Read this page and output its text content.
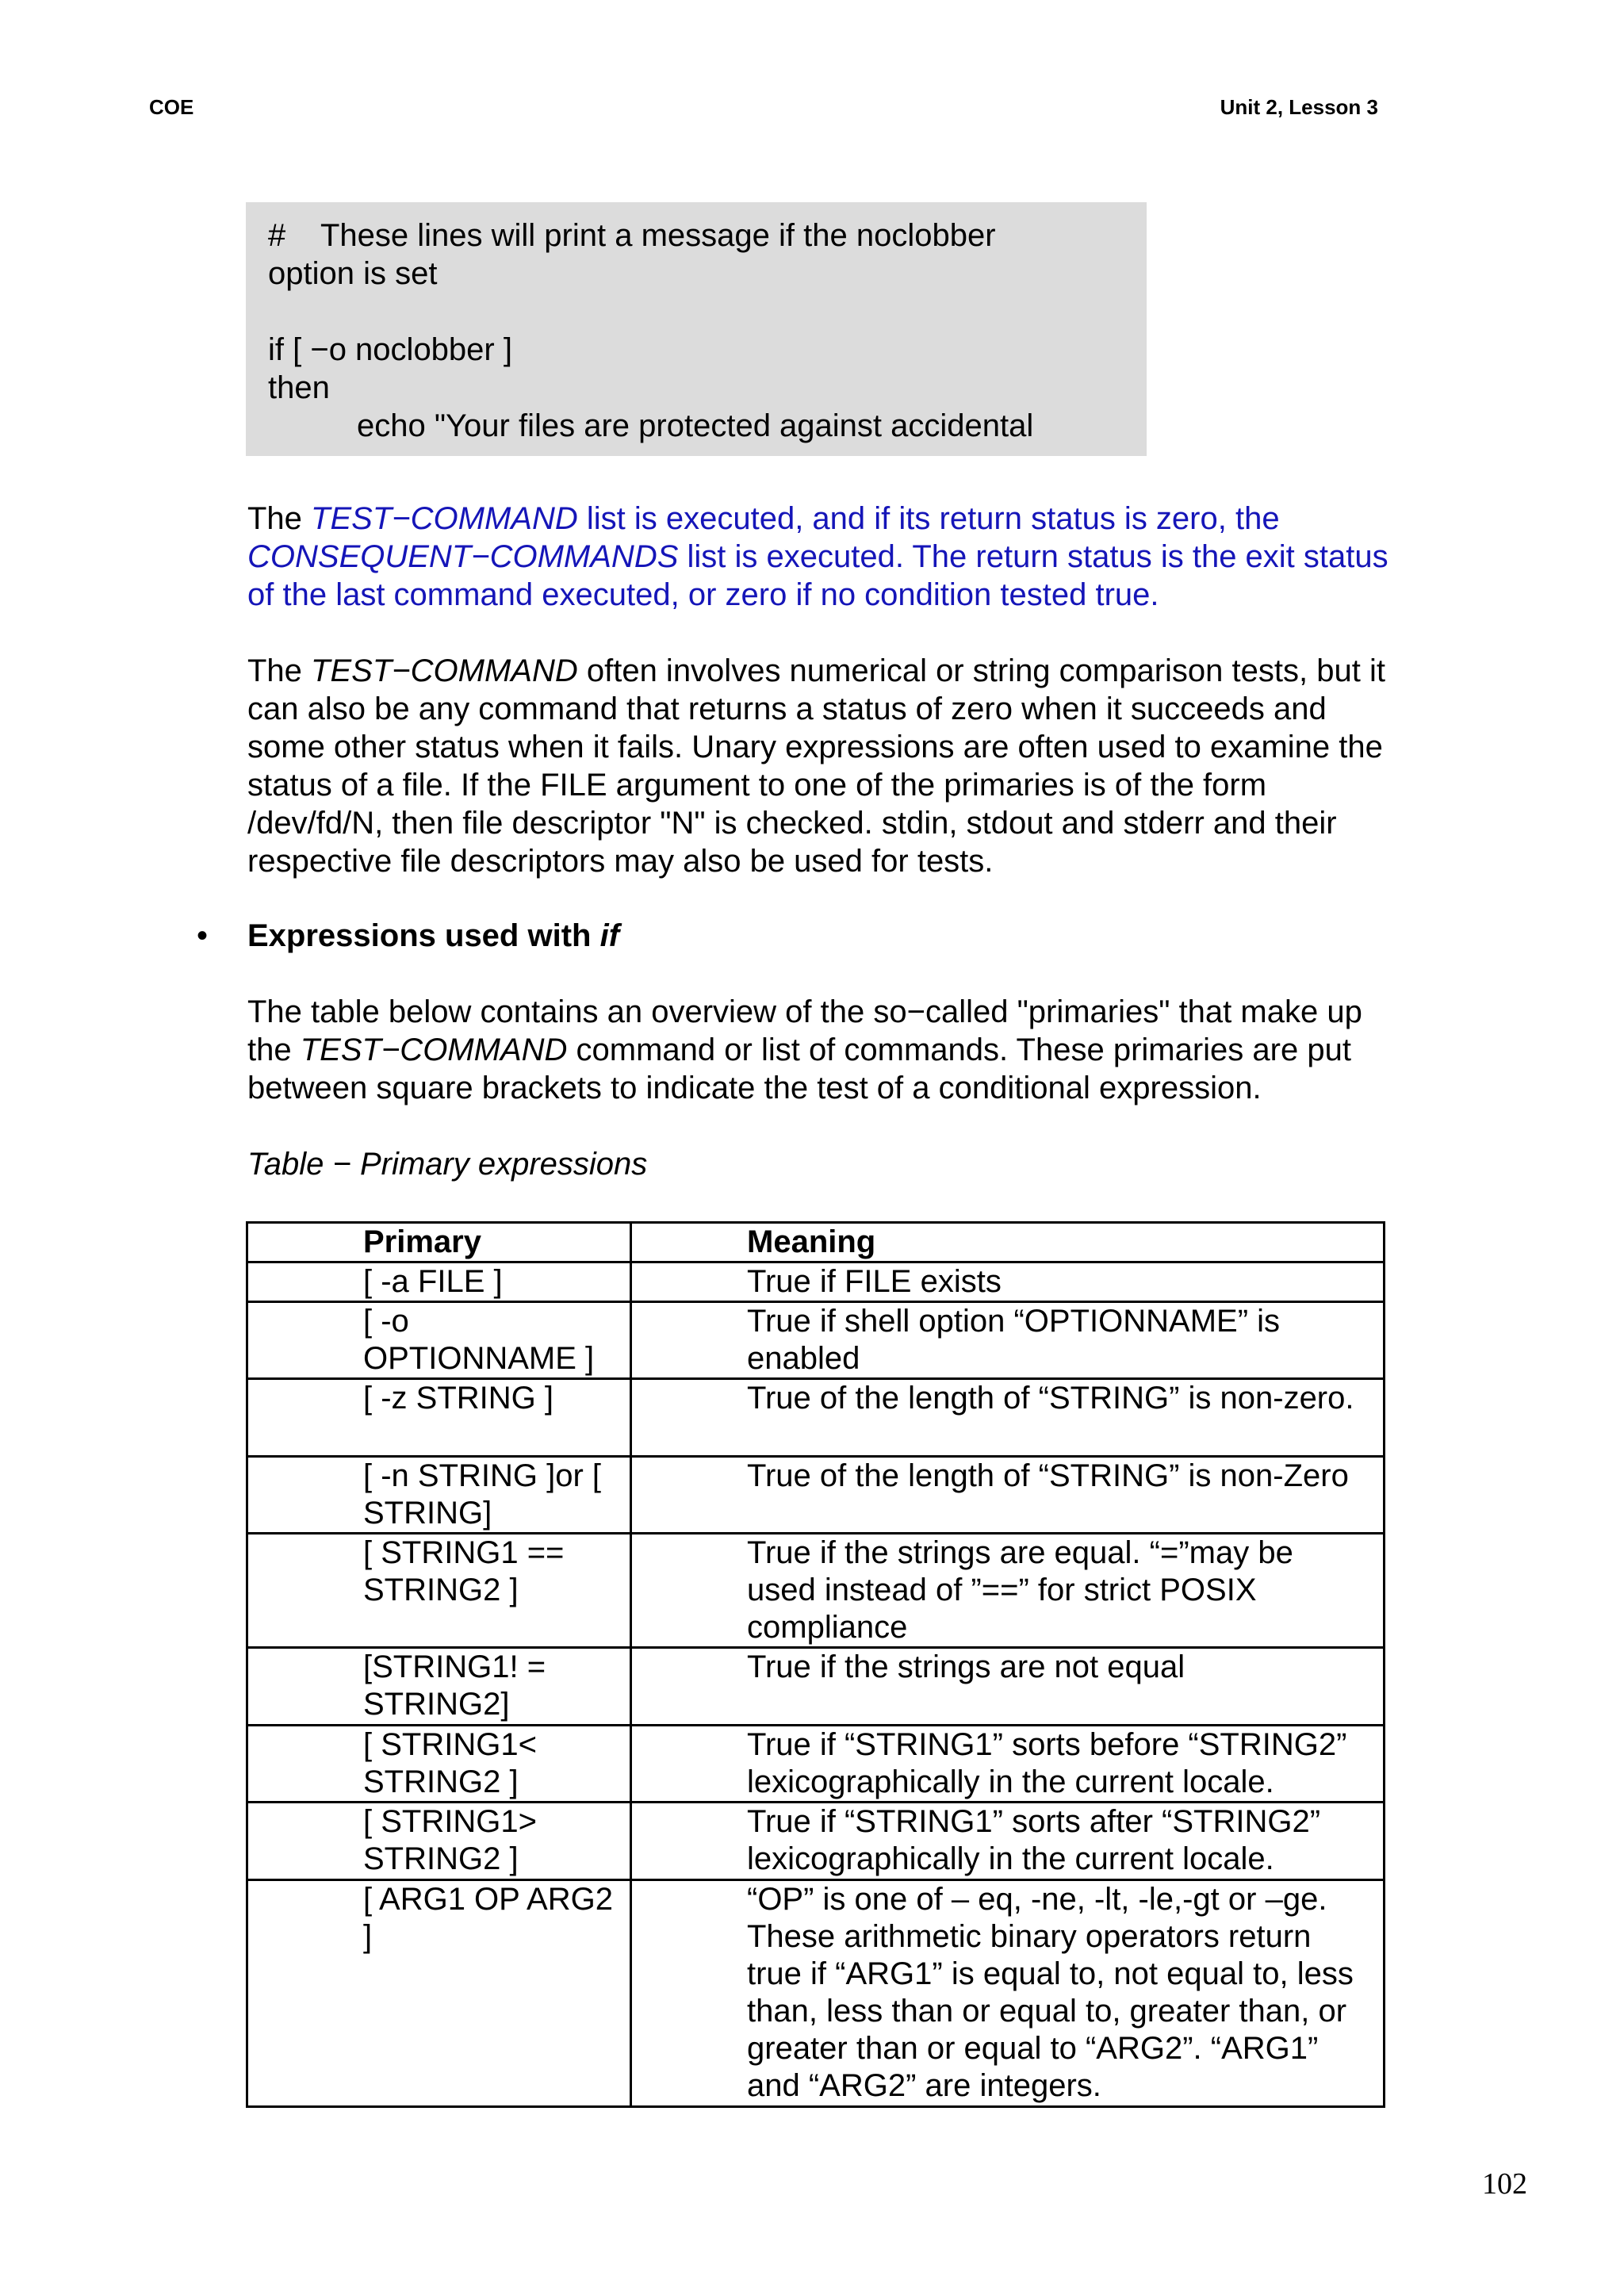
COE	Unit 2, Lesson 3
# These lines will print a message if the noclobber
option is set
if [ −o noclobber ]
then
echo "Your files are protected against accidental
The TEST−COMMAND list is executed, and if its return status is zero, the CONSEQUENT−COMMANDS list is executed. The return status is the exit status of the last command executed, or zero if no condition tested true.
The TEST−COMMAND often involves numerical or string comparison tests, but it can also be any command that returns a status of zero when it succeeds and some other status when it fails. Unary expressions are often used to examine the status of a file. If the FILE argument to one of the primaries is of the form /dev/fd/N, then file descriptor "N" is checked. stdin, stdout and stderr and their respective file descriptors may also be used for tests.
• Expressions used with if
The table below contains an overview of the so−called "primaries" that make up the TEST−COMMAND command or list of commands. These primaries are put between square brackets to indicate the test of a conditional expression.
Table − Primary expressions
Primary	Meaning
[ -a FILE ]	True if FILE exists
[ -o OPTIONNAME ]	True if shell option “OPTIONNAME” is enabled
[ -z STRING ]	True of the length of “STRING” is non-zero.
[ -n STRING ]or [ STRING]	True of the length of “STRING” is non-Zero
[ STRING1 == STRING2 ]	True if the strings are equal. “=”may be used instead of ”==” for strict POSIX compliance
[STRING1! = STRING2]	True if the strings are not equal
[ STRING1< STRING2 ]	True if “STRING1” sorts before “STRING2” lexicographically in the current locale.
[ STRING1> STRING2 ]	True if “STRING1” sorts after “STRING2” lexicographically in the current locale.
[ ARG1 OP ARG2 ]	“OP” is one of – eq, -ne, -lt, -le,-gt or –ge. These arithmetic binary operators return true if “ARG1” is equal to, not equal to, less than, less than or equal to, greater than, or greater than or equal to “ARG2”. “ARG1” and “ARG2” are integers.
102
